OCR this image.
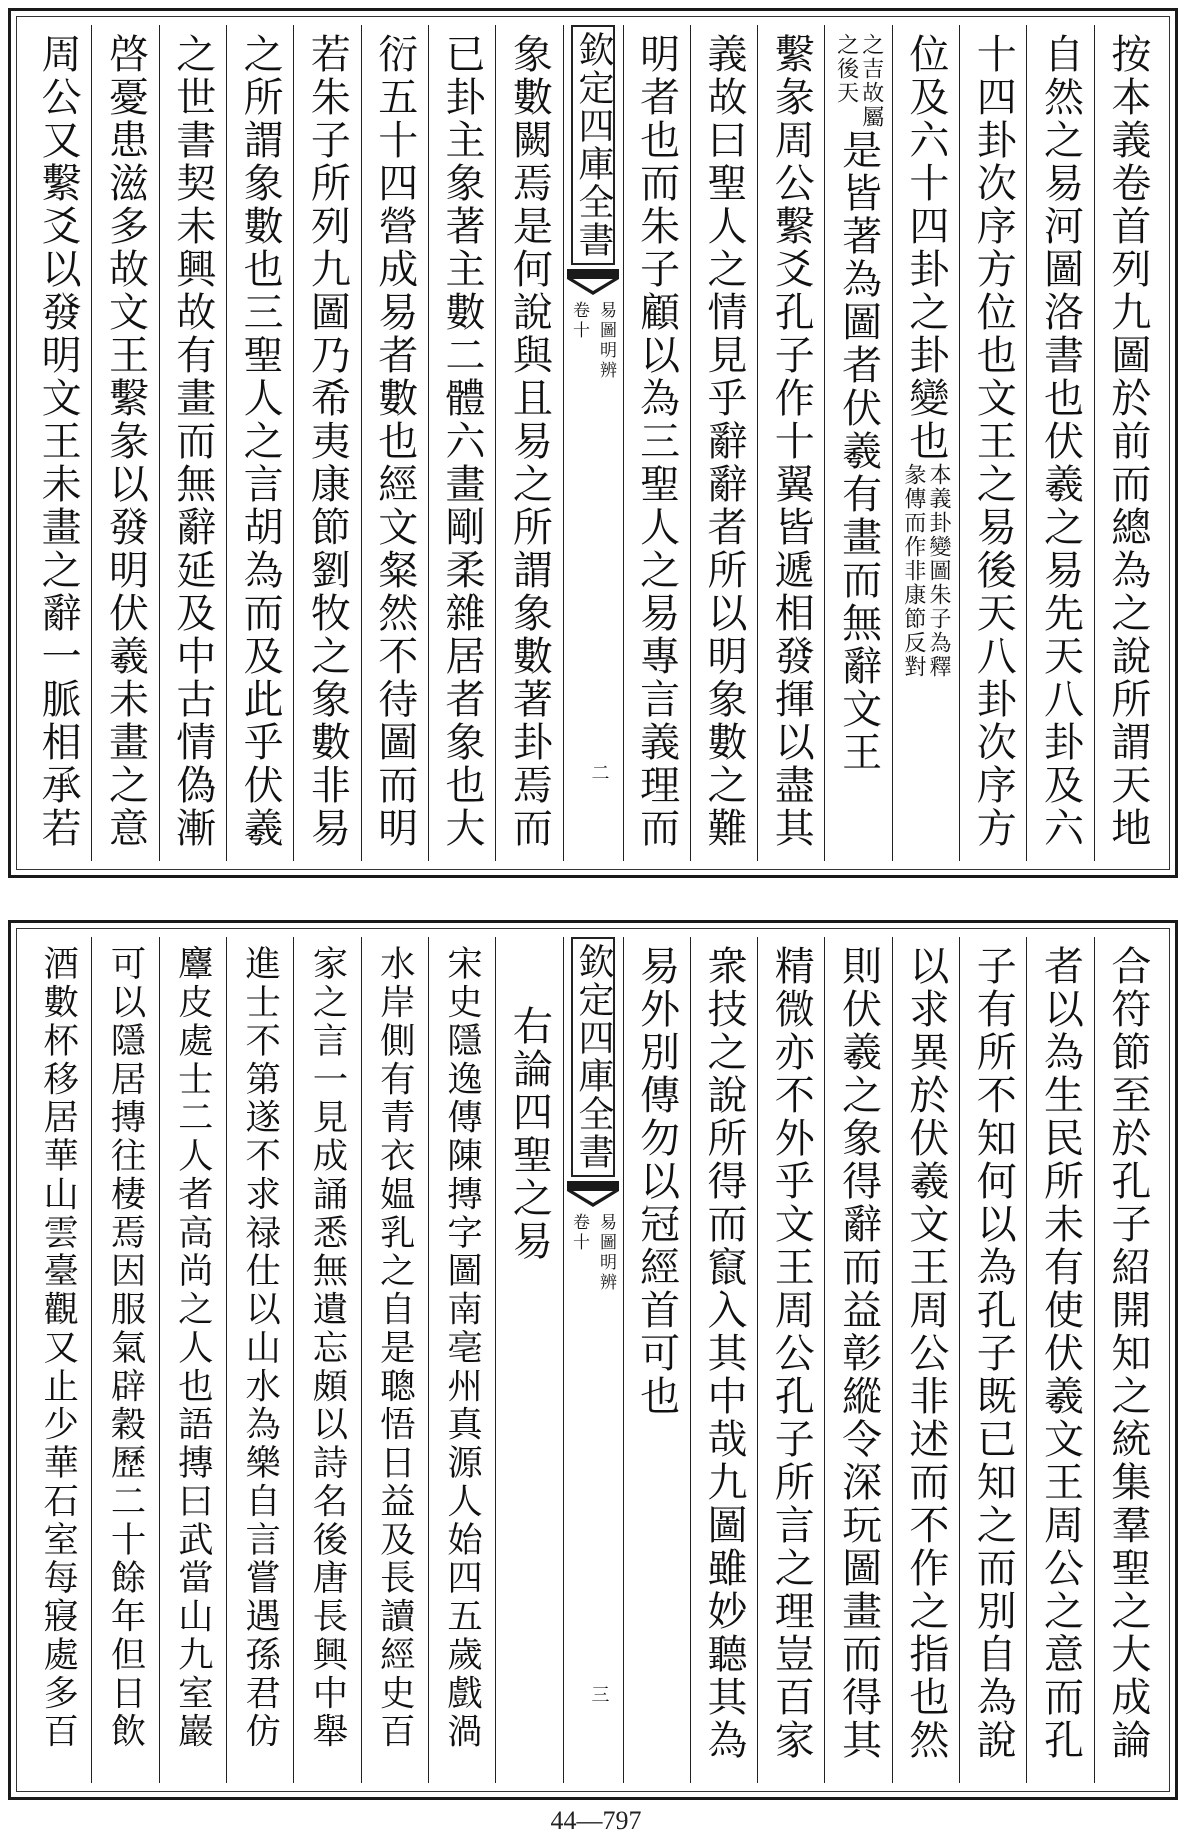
按本義卷首列九圖於前而總為之說所謂天地
自然之易河圖洛書也伏羲之易先天八卦及六
十四卦次序方位也文王之易後天八卦次序方
位及六十四卦之卦變也
本義卦變圖朱子為釋
彖傳而作非康節反對
之吉故屬
之後天
是皆著為圖者伏羲有畫而無辭文王
繫彖周公繫爻孔子作十翼皆遞相發揮以盡其
義故曰聖人之情見乎辭辭者所以明象數之難
明者也而朱子顧以為三聖人之易專言義理而
欽定四庫全書
易圖明辨
卷十
二
象數闕焉是何說與且易之所謂象數著卦焉而
已卦主象著主數二體六畫剛柔雜居者象也大
衍五十四營成易者數也經文粲然不待圖而明
若朱子所列九圖乃希夷康節劉牧之象數非易
之所謂象數也三聖人之言胡為而及此乎伏羲
之世書契未興故有畫而無辭延及中古情偽漸
啓憂患滋多故文王繫彖以發明伏羲未畫之意
周公又繫爻以發明文王未畫之辭一脈相承若
合符節至於孔子紹開知之統集羣聖之大成論
者以為生民所未有使伏羲文王周公之意而孔
子有所不知何以為孔子既已知之而別自為說
以求異於伏羲文王周公非述而不作之指也然
則伏羲之象得辭而益彰縱令深玩圖畫而得其
精微亦不外乎文王周公孔子所言之理豈百家
衆技之說所得而竄入其中哉九圖雖妙聽其為
易外別傳勿以冠經首可也
欽定四庫全書
易圖明辨
卷十
三
右論四聖之易
宋史隱逸傳陳摶字圖南亳州真源人始四五歲戲渦
水岸側有青衣媪乳之自是聰悟日益及長讀經史百
家之言一見成誦悉無遺忘頗以詩名後唐長興中舉
進士不第遂不求禄仕以山水為樂自言嘗遇孫君仿
麞皮處士二人者高尚之人也語摶曰武當山九室巖
可以隱居摶往棲焉因服氣辟穀歷二十餘年但日飲
酒數杯移居華山雲臺觀又止少華石室每寢處多百
44—797
